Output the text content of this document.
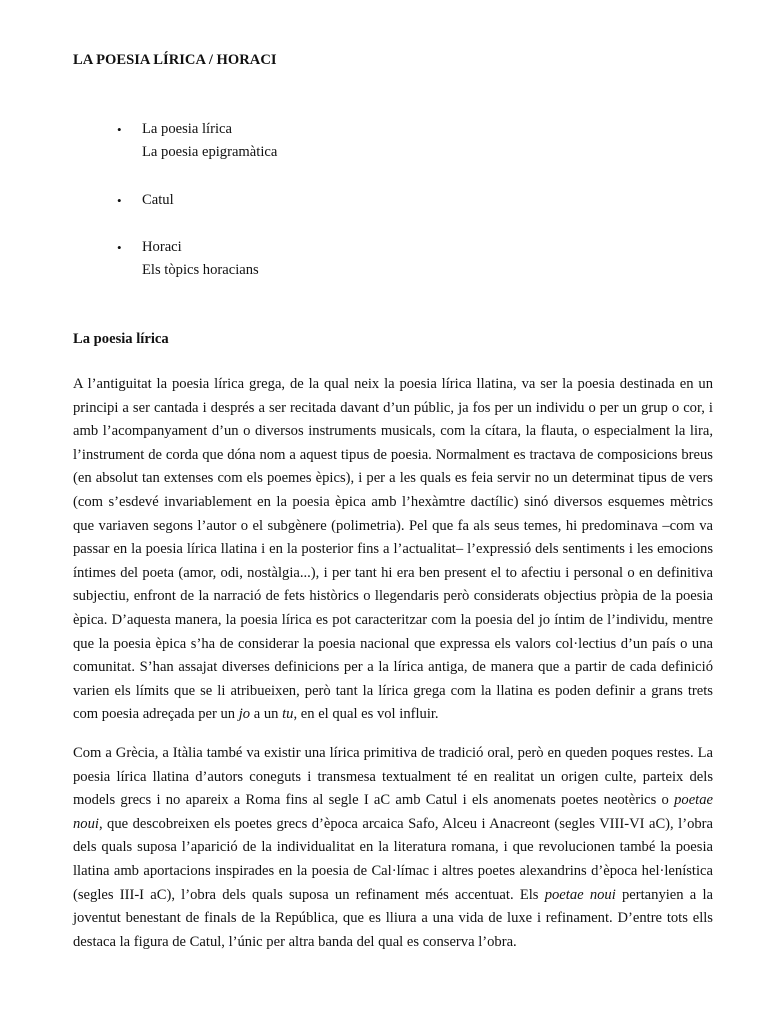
LA POESIA LÍRICA / HORACI
• La poesia lírica
La poesia epigramàtica
• Catul
• Horaci
Els tòpics horacians
La poesia lírica

A l’antiguitat la poesia lírica grega, de la qual neix la poesia lírica llatina, va ser la poesia destinada en un principi a ser cantada i després a ser recitada davant d’un públic, ja fos per un individu o per un grup o cor, i amb l’acompanyament d’un o diversos instruments musicals, com la cítara, la flauta, o especialment la lira, l’instrument de corda que dóna nom a aquest tipus de poesia. Normalment es tractava de composicions breus (en absolut tan extenses com els poemes èpics), i per a les quals es feia servir no un determinat tipus de vers (com s’esdevé invariablement en la poesia èpica amb l’hexàmtre dactílic) sinó diversos esquemes mètrics que variaven segons l’autor o el subgènere (polimetria). Pel que fa als seus temes, hi predominava –com va passar en la poesia lírica llatina i en la posterior fins a l’actualitat– l’expressió dels sentiments i les emocions íntimes del poeta (amor, odi, nostàlgia...), i per tant hi era ben present el to afectiu i personal o en definitiva subjectiu, enfront de la narració de fets històrics o llegendaris però considerats objectius pròpia de la poesia èpica. D’aquesta manera, la poesia lírica es pot caracteritzar com la poesia del jo íntim de l’individu, mentre que la poesia èpica s’ha de considerar la poesia nacional que expressa els valors col·lectius d’un país o una comunitat. S’han assajat diverses definicions per a la lírica antiga, de manera que a partir de cada definició varien els límits que se li atribueixen, però tant la lírica grega com la llatina es poden definir a grans trets com poesia adreçada per un jo a un tu, en el qual es vol influir.

Com a Grècia, a Itàlia també va existir una lírica primitiva de tradició oral, però en queden poques restes. La poesia lírica llatina d’autors coneguts i transmesa textualment té en realitat un origen culte, parteix dels models grecs i no apareix a Roma fins al segle I aC amb Catul i els anomenats poetes neotèrics o poetae noui, que descobreixen els poetes grecs d’època arcaica Safo, Alceu i Anacreont (segles VIII-VI aC), l’obra dels quals suposa l’aparició de la individualitat en la literatura romana, i que revolucionen també la poesia llatina amb aportacions inspirades en la poesia de Cal·límac i altres poetes alexandrins d’època hel·lenística (segles III-I aC), l’obra dels quals suposa un refinament més accentuat. Els poetae noui pertanyien a la joventut benestant de finals de la República, que es lliura a una vida de luxe i refinament. D’entre tots ells destaca la figura de Catul, l’únic per altra banda del qual es conserva l’obra.
